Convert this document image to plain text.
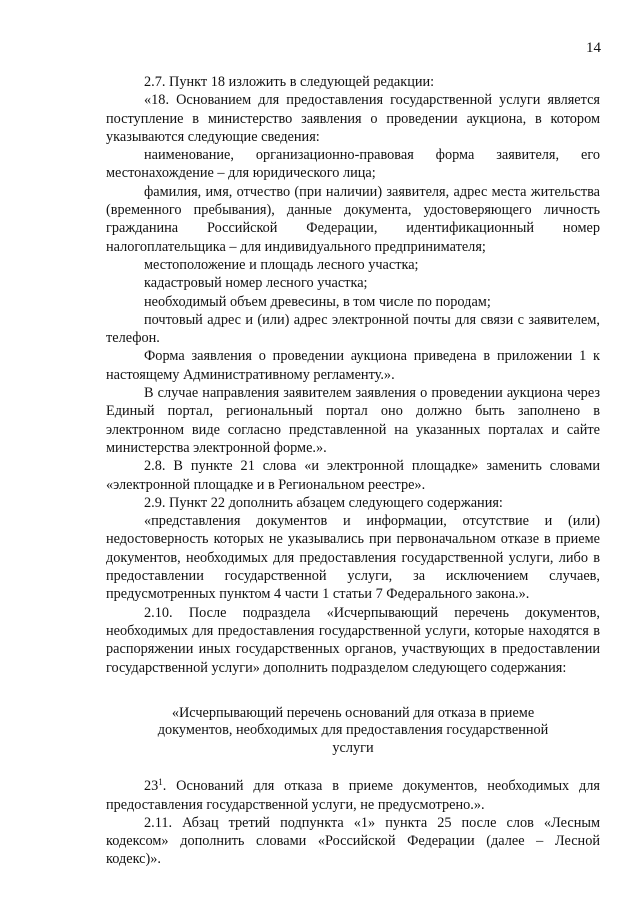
14

2.7. Пункт 18 изложить в следующей редакции:

«18. Основанием для предоставления государственной услуги является поступление в министерство заявления о проведении аукциона, в котором указываются следующие сведения:

наименование, организационно-правовая форма заявителя, его местонахождение – для юридического лица;

фамилия, имя, отчество (при наличии) заявителя, адрес места жительства (временного пребывания), данные документа, удостоверяющего личность гражданина Российской Федерации, идентификационный номер налогоплательщика – для индивидуального предпринимателя;

местоположение и площадь лесного участка;

кадастровый номер лесного участка;

необходимый объем древесины, в том числе по породам;

почтовый адрес и (или) адрес электронной почты для связи с заявителем, телефон.

Форма заявления о проведении аукциона приведена в приложении 1 к настоящему Административному регламенту.».

В случае направления заявителем заявления о проведении аукциона через Единый портал, региональный портал оно должно быть заполнено в электронном виде согласно представленной на указанных порталах и сайте министерства электронной форме.».

2.8. В пункте 21 слова «и электронной площадке» заменить словами «электронной площадке и в Региональном реестре».

2.9. Пункт 22 дополнить абзацем следующего содержания:

«представления документов и информации, отсутствие и (или) недостоверность которых не указывались при первоначальном отказе в приеме документов, необходимых для предоставления государственной услуги, либо в предоставлении государственной услуги, за исключением случаев, предусмотренных пунктом 4 части 1 статьи 7 Федерального закона.».

2.10. После подраздела «Исчерпывающий перечень документов, необходимых для предоставления государственной услуги, которые находятся в распоряжении иных государственных органов, участвующих в предоставлении государственной услуги» дополнить подразделом следующего содержания:

«Исчерпывающий перечень оснований для отказа в приеме
документов, необходимых для предоставления государственной
услуги

$23^1$. Оснований для отказа в приеме документов, необходимых для предоставления государственной услуги, не предусмотрено.».

2.11. Абзац третий подпункта «1» пункта 25 после слов «Лесным кодексом» дополнить словами «Российской Федерации (далее – Лесной кодекс)».
